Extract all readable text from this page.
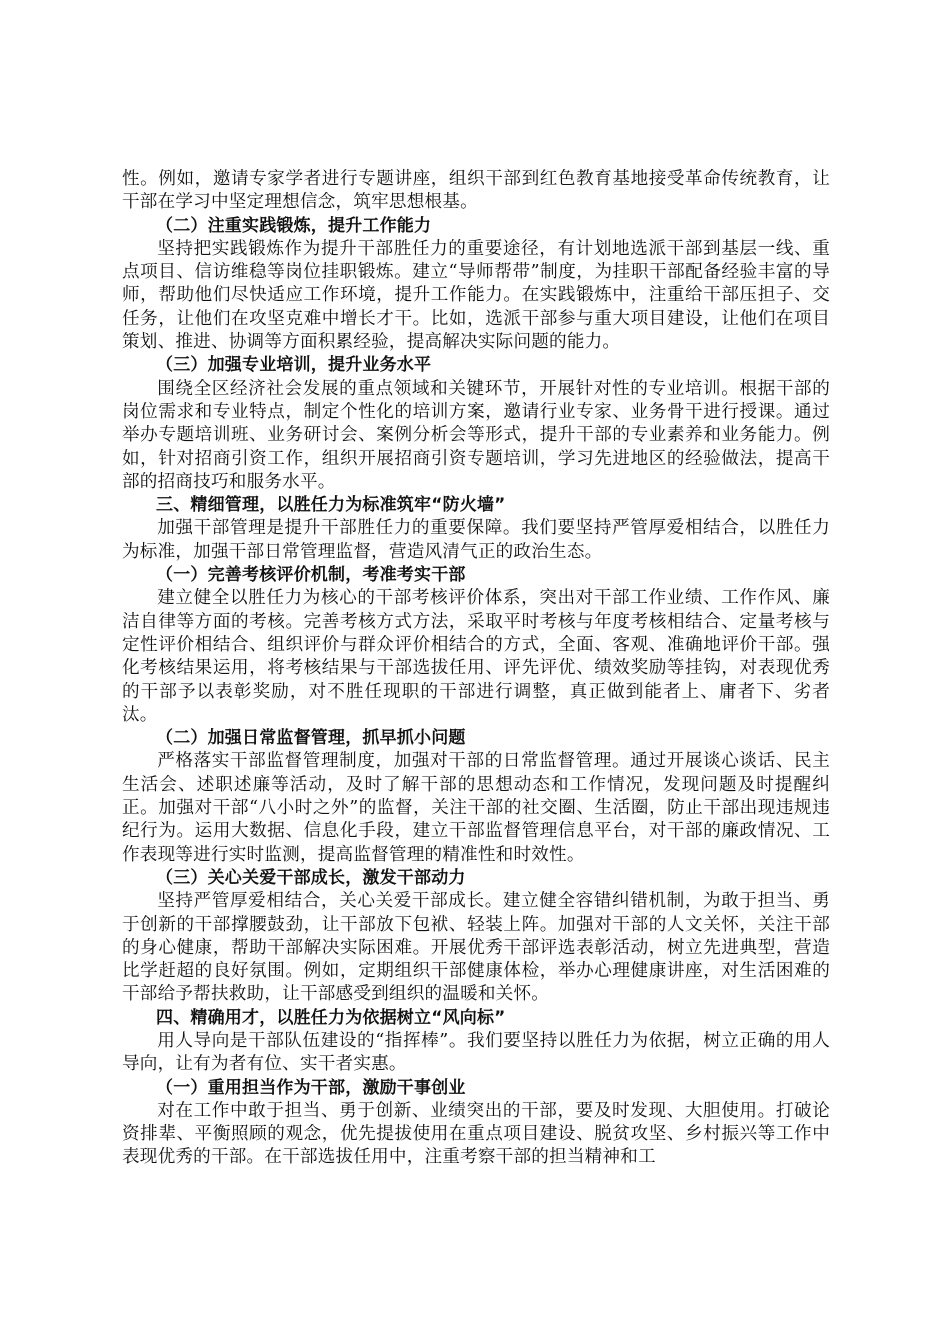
性。例如，邀请专家学者进行专题讲座，组织干部到红色教育基地接受革命传统教育，让干部在学习中坚定理想信念，筑牢思想根基。

（二）注重实践锻炼，提升工作能力

坚持把实践锻炼作为提升干部胜任力的重要途径，有计划地选派干部到基层一线、重点项目、信访维稳等岗位挂职锻炼。建立“导师帮带”制度，为挂职干部配备经验丰富的导师，帮助他们尽快适应工作环境，提升工作能力。在实践锻炼中，注重给干部压担子、交任务，让他们在攻坚克难中增长才干。比如，选派干部参与重大项目建设，让他们在项目策划、推进、协调等方面积累经验，提高解决实际问题的能力。

（三）加强专业培训，提升业务水平

围绕全区经济社会发展的重点领域和关键环节，开展针对性的专业培训。根据干部的岗位需求和专业特点，制定个性化的培训方案，邀请行业专家、业务骨干进行授课。通过举办专题培训班、业务研讨会、案例分析会等形式，提升干部的专业素养和业务能力。例如，针对招商引资工作，组织开展招商引资专题培训，学习先进地区的经验做法，提高干部的招商技巧和服务水平。

三、精细管理，以胜任力为标准筑牢“防火墙”

加强干部管理是提升干部胜任力的重要保障。我们要坚持严管厚爱相结合，以胜任力为标准，加强干部日常管理监督，营造风清气正的政治生态。

（一）完善考核评价机制，考准考实干部

建立健全以胜任力为核心的干部考核评价体系，突出对干部工作业绩、工作作风、廉洁自律等方面的考核。完善考核方式方法，采取平时考核与年度考核相结合、定量考核与定性评价相结合、组织评价与群众评价相结合的方式，全面、客观、准确地评价干部。强化考核结果运用，将考核结果与干部选拔任用、评先评优、绩效奖励等挂钩，对表现优秀的干部予以表彰奖励，对不胜任现职的干部进行调整，真正做到能者上、庸者下、劣者汰。

（二）加强日常监督管理，抓早抓小问题

严格落实干部监督管理制度，加强对干部的日常监督管理。通过开展谈心谈话、民主生活会、述职述廉等活动，及时了解干部的思想动态和工作情况，发现问题及时提醒纠正。加强对干部“八小时之外”的监督，关注干部的社交圈、生活圈，防止干部出现违规违纪行为。运用大数据、信息化手段，建立干部监督管理信息平台，对干部的廉政情况、工作表现等进行实时监测，提高监督管理的精准性和时效性。

（三）关心关爱干部成长，激发干部动力

坚持严管厚爱相结合，关心关爱干部成长。建立健全容错纠错机制，为敢于担当、勇于创新的干部撑腰鼓劲，让干部放下包袱、轻装上阵。加强对干部的人文关怀，关注干部的身心健康，帮助干部解决实际困难。开展优秀干部评选表彰活动，树立先进典型，营造比学赶超的良好氛围。例如，定期组织干部健康体检，举办心理健康讲座，对生活困难的干部给予帮扶救助，让干部感受到组织的温暖和关怀。

四、精确用才，以胜任力为依据树立“风向标”

用人导向是干部队伍建设的“指挥棒”。我们要坚持以胜任力为依据，树立正确的用人导向，让有为者有位、实干者实惠。

（一）重用担当作为干部，激励干事创业

对在工作中敢于担当、勇于创新、业绩突出的干部，要及时发现、大胆使用。打破论资排辈、平衡照顾的观念，优先提拔使用在重点项目建设、脱贫攻坚、乡村振兴等工作中表现优秀的干部。在干部选拔任用中，注重考察干部的担当精神和工
